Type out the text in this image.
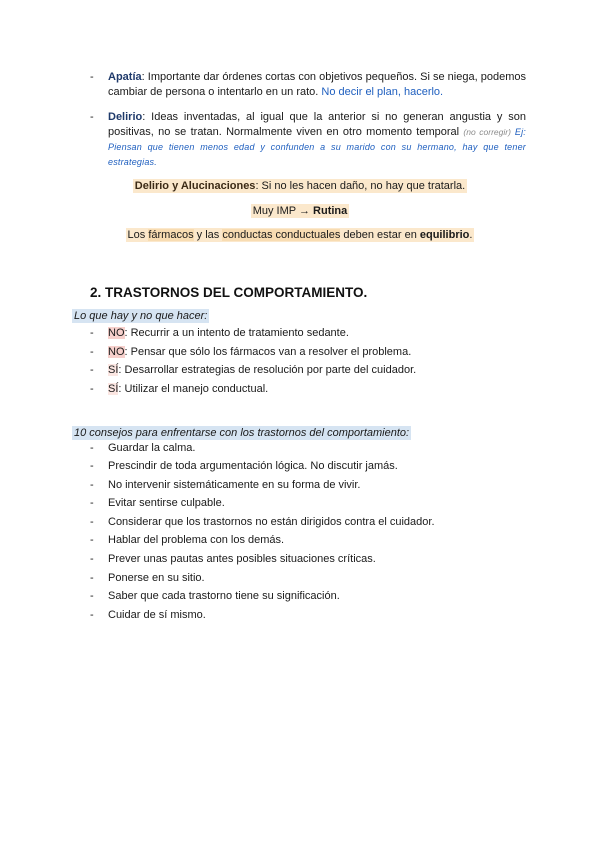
- Apatía: Importante dar órdenes cortas con objetivos pequeños. Si se niega, podemos cambiar de persona o intentarlo en un rato. No decir el plan, hacerlo.
- Delirio: Ideas inventadas, al igual que la anterior si no generan angustia y son positivas, no se tratan. Normalmente viven en otro momento temporal (no corregir) Ej: Piensan que tienen menos edad y confunden a su marido con su hermano, hay que tener estrategias.
Delirio y Alucinaciones: Si no les hacen daño, no hay que tratarla.
Muy IMP → Rutina
Los fármacos y las conductas conductuales deben estar en equilibrio.
2. TRASTORNOS DEL COMPORTAMIENTO.
Lo que hay y no que hacer:
- NO: Recurrir a un intento de tratamiento sedante.
- NO: Pensar que sólo los fármacos van a resolver el problema.
- SÍ: Desarrollar estrategias de resolución por parte del cuidador.
- SÍ: Utilizar el manejo conductual.
10 consejos para enfrentarse con los trastornos del comportamiento:
- Guardar la calma.
- Prescindir de toda argumentación lógica. No discutir jamás.
- No intervenir sistemáticamente en su forma de vivir.
- Evitar sentirse culpable.
- Considerar que los trastornos no están dirigidos contra el cuidador.
- Hablar del problema con los demás.
- Prever unas pautas antes posibles situaciones críticas.
- Ponerse en su sitio.
- Saber que cada trastorno tiene su significación.
- Cuidar de sí mismo.
